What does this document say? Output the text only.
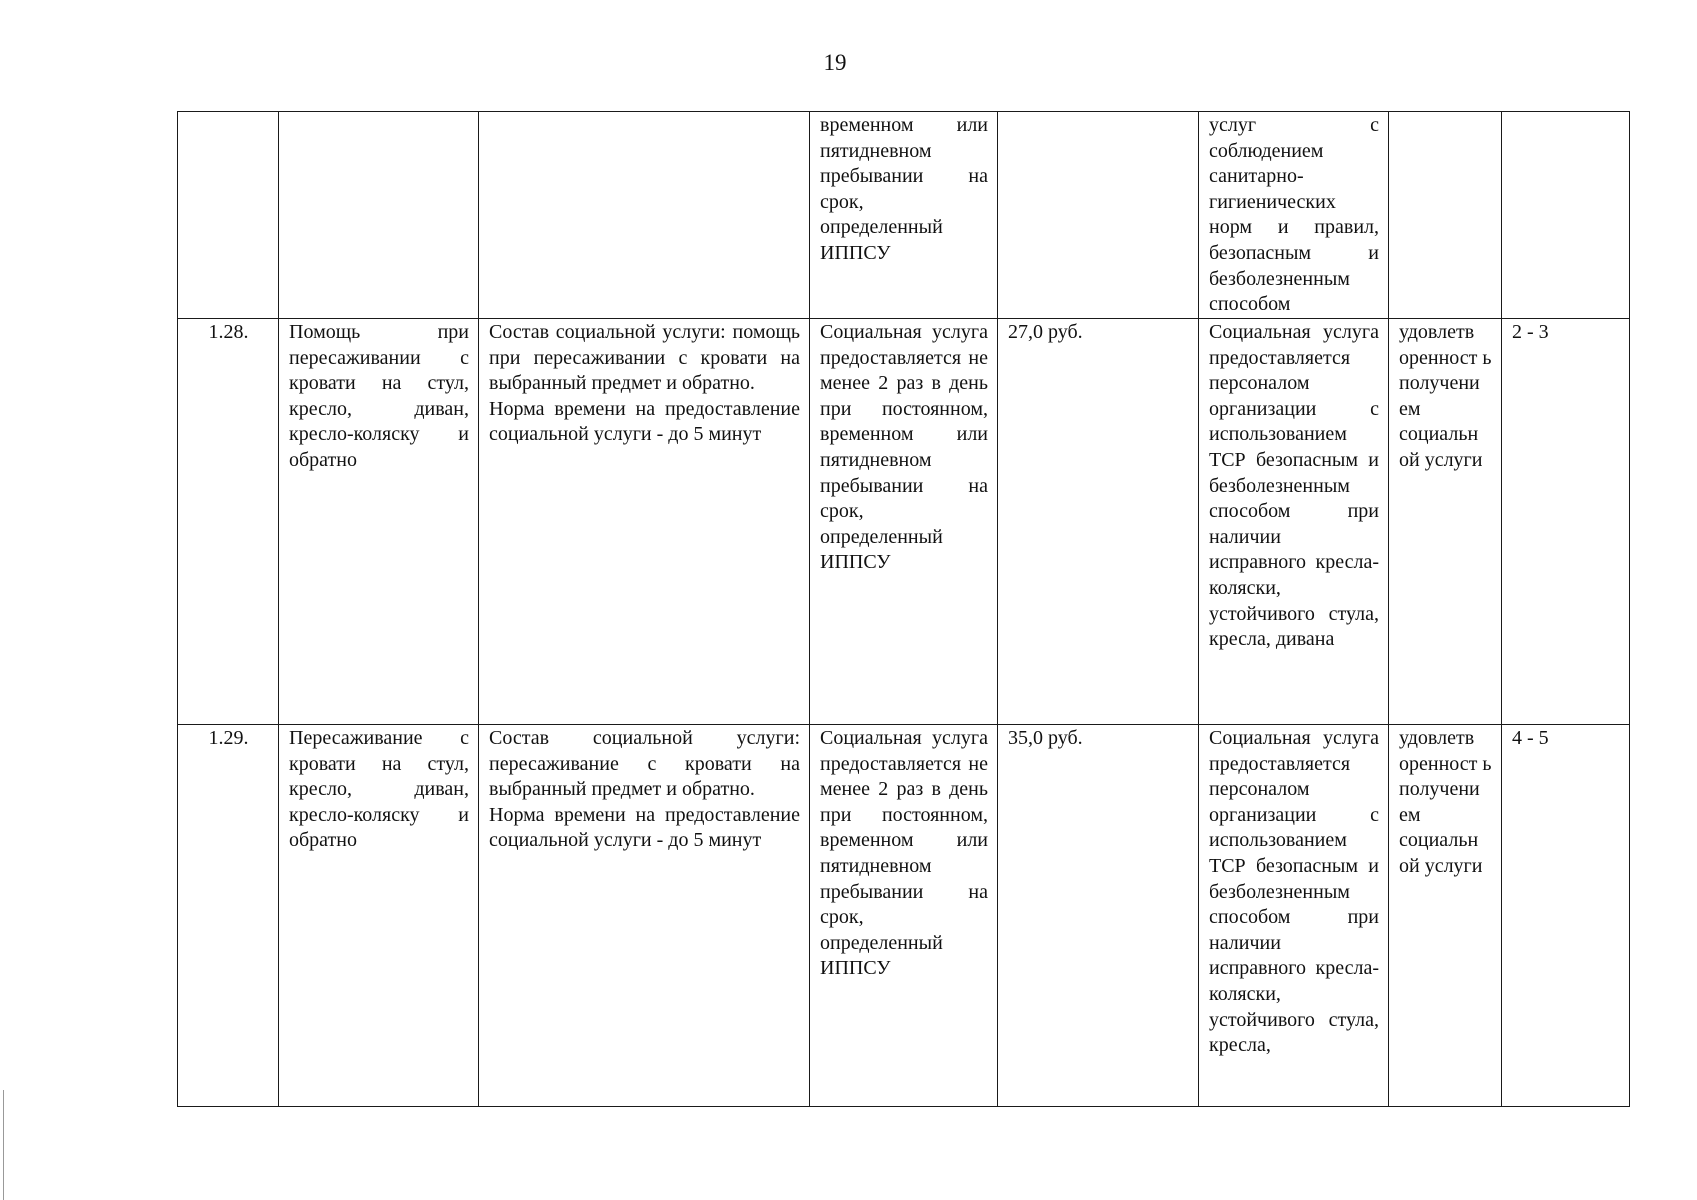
19
			временном или пятидневном пребывании на срок, определенный ИППСУ		услуг с соблюдением санитарно-гигиенических норм и правил, безопасным и безболезненным способом		
1.28.	Помощь при пересаживании с кровати на стул, кресло, диван, кресло-коляску и обратно	Состав социальной услуги: помощь при пересаживании с кровати на выбранный предмет и обратно.
Норма времени на предоставление социальной услуги - до 5 минут	Социальная услуга предоставляется не менее 2 раз в день при постоянном, временном или пятидневном пребывании на срок, определенный ИППСУ	27,0 руб.	Социальная услуга предоставляется персоналом организации с использованием ТСР безопасным и безболезненным способом при наличии исправного кресла-коляски, устойчивого стула, кресла, дивана	удовлетв оренност ь получени ем социальн ой услуги	2 - 3
1.29.	Пересаживание с кровати на стул, кресло, диван, кресло-коляску и обратно	Состав социальной услуги: пересаживание с кровати на выбранный предмет и обратно.
Норма времени на предоставление социальной услуги - до 5 минут	Социальная услуга предоставляется не менее 2 раз в день при постоянном, временном или пятидневном пребывании на срок, определенный ИППСУ	35,0 руб.	Социальная услуга предоставляется персоналом организации с использованием ТСР безопасным и безболезненным способом при наличии исправного кресла-коляски, устойчивого стула, кресла,	удовлетв оренност ь получени ем социальн ой услуги	4 - 5
